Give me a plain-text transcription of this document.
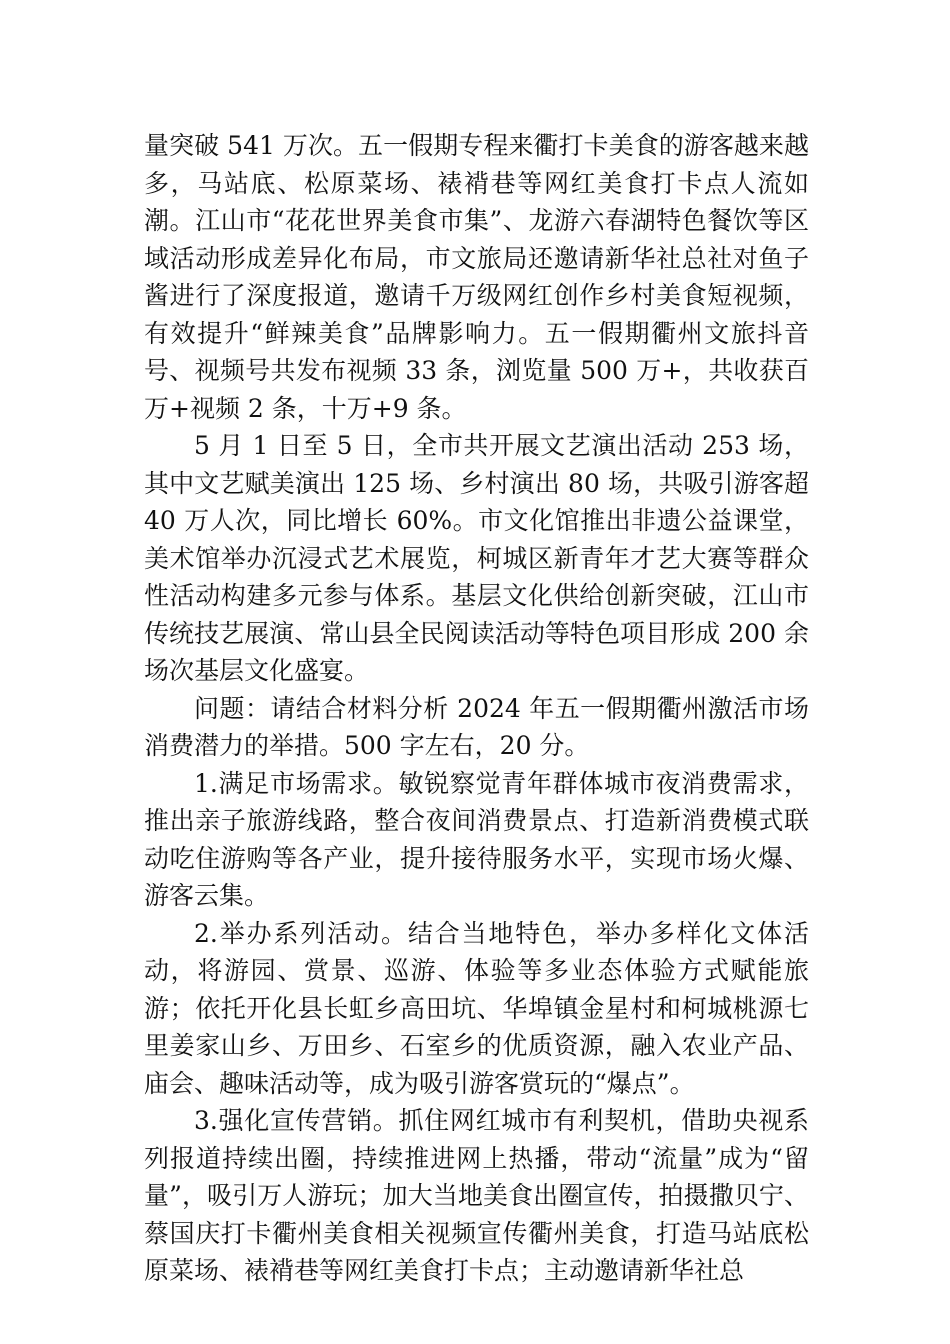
量突破 541 万次。五一假期专程来衢打卡美食的游客越来越多，马站底、松原菜场、裱褙巷等网红美食打卡点人流如潮。江山市“花花世界美食市集”、龙游六春湖特色餐饮等区域活动形成差异化布局，市文旅局还邀请新华社总社对鱼子酱进行了深度报道，邀请千万级网红创作乡村美食短视频，有效提升“鲜辣美食”品牌影响力。五一假期衢州文旅抖音号、视频号共发布视频 33 条，浏览量 500 万+，共收获百万+视频 2 条，十万+9 条。

5 月 1 日至 5 日，全市共开展文艺演出活动 253 场，其中文艺赋美演出 125 场、乡村演出 80 场，共吸引游客超 40 万人次，同比增长 60%。市文化馆推出非遗公益课堂，美术馆举办沉浸式艺术展览，柯城区新青年才艺大赛等群众性活动构建多元参与体系。基层文化供给创新突破，江山市传统技艺展演、常山县全民阅读活动等特色项目形成 200 余场次基层文化盛宴。

问题：请结合材料分析 2024 年五一假期衢州激活市场消费潜力的举措。500 字左右，20 分。

1.满足市场需求。敏锐察觉青年群体城市夜消费需求，推出亲子旅游线路，整合夜间消费景点、打造新消费模式联动吃住游购等各产业，提升接待服务水平，实现市场火爆、游客云集。

2.举办系列活动。结合当地特色，举办多样化文体活动，将游园、赏景、巡游、体验等多业态体验方式赋能旅游；依托开化县长虹乡高田坑、华埠镇金星村和柯城桃源七里姜家山乡、万田乡、石室乡的优质资源，融入农业产品、庙会、趣味活动等，成为吸引游客赏玩的“爆点”。

3.强化宣传营销。抓住网红城市有利契机，借助央视系列报道持续出圈，持续推进网上热播，带动“流量”成为“留量”，吸引万人游玩；加大当地美食出圈宣传，拍摄撒贝宁、蔡国庆打卡衢州美食相关视频宣传衢州美食，打造马站底松原菜场、裱褙巷等网红美食打卡点；主动邀请新华社总
